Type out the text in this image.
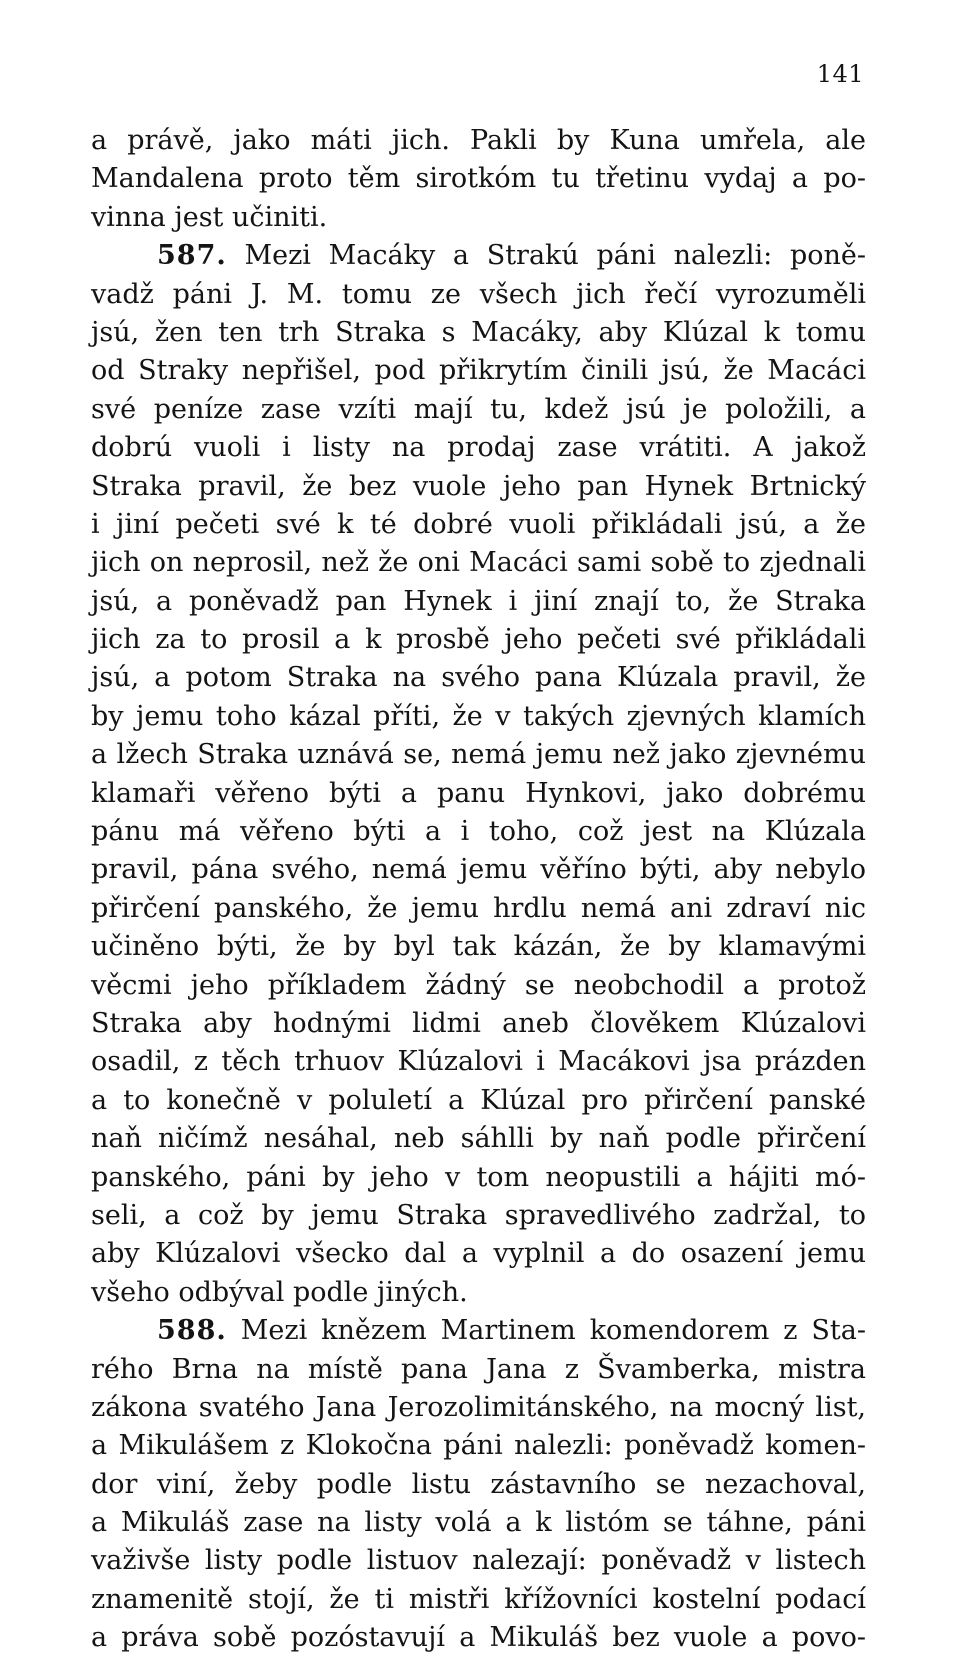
141
a právě, jako máti jich. Pakli by Kuna umřela, ale
Mandalena proto těm sirotkóm tu třetinu vydaj a po-
vinna jest učiniti.
587. Mezi Macáky a Strakú páni nalezli: poně-
vadž páni J. M. tomu ze všech jich řečí vyrozuměli
jsú, žen ten trh Straka s Macáky, aby Klúzal k tomu
od Straky nepřišel, pod přikrytím činili jsú, že Macáci
své peníze zase vzíti mají tu, kdež jsú je položili, a
dobrú vuoli i listy na prodaj zase vrátiti. A jakož
Straka pravil, že bez vuole jeho pan Hynek Brtnický
i jiní pečeti své k té dobré vuoli přikládali jsú, a že
jich on neprosil, než že oni Macáci sami sobě to zjednali
jsú, a poněvadž pan Hynek i jiní znají to, že Straka
jich za to prosil a k prosbě jeho pečeti své přikládali
jsú, a potom Straka na svého pana Klúzala pravil, že
by jemu toho kázal příti, že v takých zjevných klamích
a lžech Straka uznává se, nemá jemu než jako zjevnému
klamaři věřeno býti a panu Hynkovi, jako dobrému
pánu má věřeno býti a i toho, což jest na Klúzala
pravil, pána svého, nemá jemu věříno býti, aby nebylo
přirčení panského, že jemu hrdlu nemá ani zdraví nic
učiněno býti, že by byl tak kázán, že by klamavými
věcmi jeho příkladem žádný se neobchodil a protož
Straka aby hodnými lidmi aneb člověkem Klúzalovi
osadil, z těch trhuov Klúzalovi i Macákovi jsa prázden
a to konečně v poluletí a Klúzal pro přirčení panské
naň ničímž nesáhal, neb sáhlli by naň podle přirčení
panského, páni by jeho v tom neopustili a hájiti mó-
seli, a což by jemu Straka spravedlivého zadržal, to
aby Klúzalovi všecko dal a vyplnil a do osazení jemu
všeho odbýval podle jiných.
588. Mezi knězem Martinem komendorem z Sta-
rého Brna na místě pana Jana z Švamberka, mistra
zákona svatého Jana Jerozolimitánského, na mocný list,
a Mikulášem z Klokočna páni nalezli: poněvadž komen-
dor viní, žeby podle listu zástavního se nezachoval,
a Mikuláš zase na listy volá a k listóm se táhne, páni
važivše listy podle listuov nalezají: poněvadž v listech
znamenitě stojí, že ti mistři křížovníci kostelní podací
a práva sobě pozóstavují a Mikuláš bez vuole a povo-
